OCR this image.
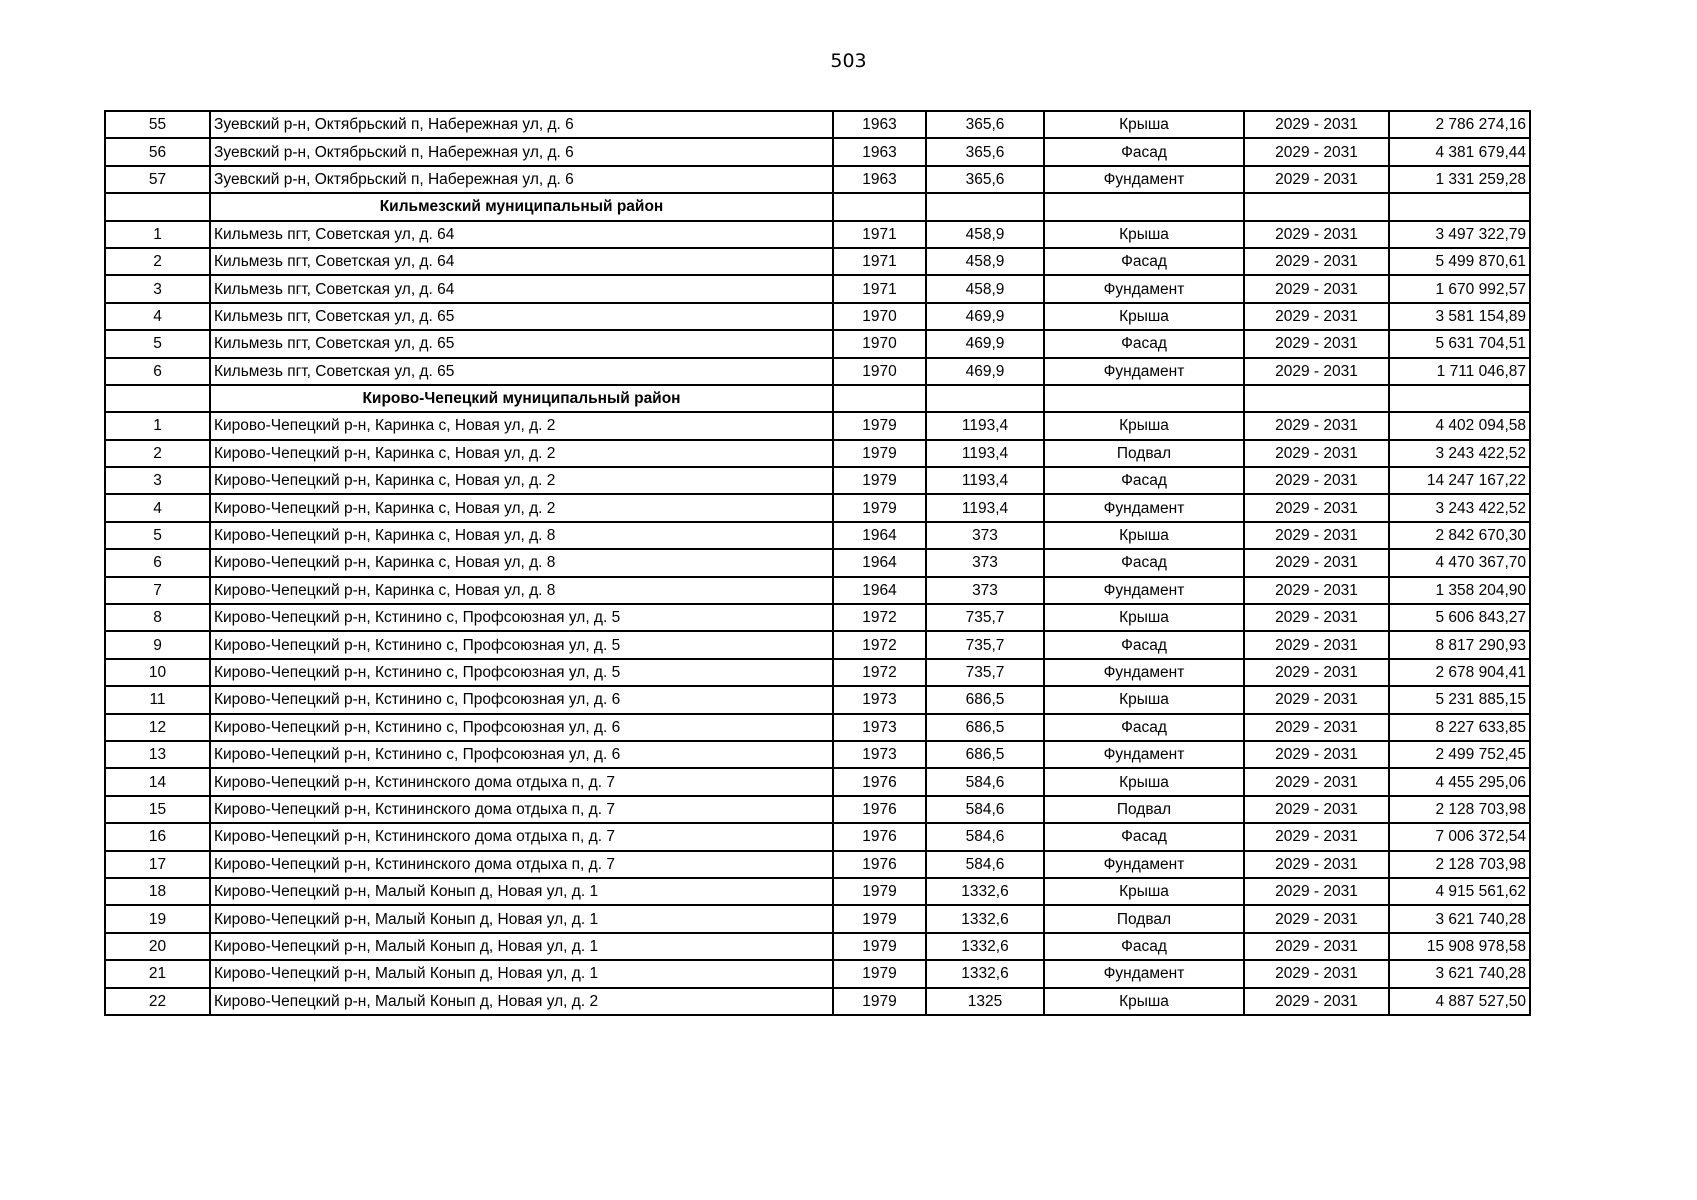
503
55	Зуевский р-н, Октябрьский п, Набережная ул, д. 6	1963	365,6	Крыша	2029 - 2031	2 786 274,16
56	Зуевский р-н, Октябрьский п, Набережная ул, д. 6	1963	365,6	Фасад	2029 - 2031	4 381 679,44
57	Зуевский р-н, Октябрьский п, Набережная ул, д. 6	1963	365,6	Фундамент	2029 - 2031	1 331 259,28
	Кильмезский муниципальный район					
1	Кильмезь пгт, Советская ул, д. 64	1971	458,9	Крыша	2029 - 2031	3 497 322,79
2	Кильмезь пгт, Советская ул, д. 64	1971	458,9	Фасад	2029 - 2031	5 499 870,61
3	Кильмезь пгт, Советская ул, д. 64	1971	458,9	Фундамент	2029 - 2031	1 670 992,57
4	Кильмезь пгт, Советская ул, д. 65	1970	469,9	Крыша	2029 - 2031	3 581 154,89
5	Кильмезь пгт, Советская ул, д. 65	1970	469,9	Фасад	2029 - 2031	5 631 704,51
6	Кильмезь пгт, Советская ул, д. 65	1970	469,9	Фундамент	2029 - 2031	1 711 046,87
	Кирово-Чепецкий муниципальный район					
1	Кирово-Чепецкий р-н, Каринка с, Новая ул, д. 2	1979	1193,4	Крыша	2029 - 2031	4 402 094,58
2	Кирово-Чепецкий р-н, Каринка с, Новая ул, д. 2	1979	1193,4	Подвал	2029 - 2031	3 243 422,52
3	Кирово-Чепецкий р-н, Каринка с, Новая ул, д. 2	1979	1193,4	Фасад	2029 - 2031	14 247 167,22
4	Кирово-Чепецкий р-н, Каринка с, Новая ул, д. 2	1979	1193,4	Фундамент	2029 - 2031	3 243 422,52
5	Кирово-Чепецкий р-н, Каринка с, Новая ул, д. 8	1964	373	Крыша	2029 - 2031	2 842 670,30
6	Кирово-Чепецкий р-н, Каринка с, Новая ул, д. 8	1964	373	Фасад	2029 - 2031	4 470 367,70
7	Кирово-Чепецкий р-н, Каринка с, Новая ул, д. 8	1964	373	Фундамент	2029 - 2031	1 358 204,90
8	Кирово-Чепецкий р-н, Кстинино с, Профсоюзная ул, д. 5	1972	735,7	Крыша	2029 - 2031	5 606 843,27
9	Кирово-Чепецкий р-н, Кстинино с, Профсоюзная ул, д. 5	1972	735,7	Фасад	2029 - 2031	8 817 290,93
10	Кирово-Чепецкий р-н, Кстинино с, Профсоюзная ул, д. 5	1972	735,7	Фундамент	2029 - 2031	2 678 904,41
11	Кирово-Чепецкий р-н, Кстинино с, Профсоюзная ул, д. 6	1973	686,5	Крыша	2029 - 2031	5 231 885,15
12	Кирово-Чепецкий р-н, Кстинино с, Профсоюзная ул, д. 6	1973	686,5	Фасад	2029 - 2031	8 227 633,85
13	Кирово-Чепецкий р-н, Кстинино с, Профсоюзная ул, д. 6	1973	686,5	Фундамент	2029 - 2031	2 499 752,45
14	Кирово-Чепецкий р-н, Кстининского дома отдыха п, д. 7	1976	584,6	Крыша	2029 - 2031	4 455 295,06
15	Кирово-Чепецкий р-н, Кстининского дома отдыха п, д. 7	1976	584,6	Подвал	2029 - 2031	2 128 703,98
16	Кирово-Чепецкий р-н, Кстининского дома отдыха п, д. 7	1976	584,6	Фасад	2029 - 2031	7 006 372,54
17	Кирово-Чепецкий р-н, Кстининского дома отдыха п, д. 7	1976	584,6	Фундамент	2029 - 2031	2 128 703,98
18	Кирово-Чепецкий р-н, Малый Конып д, Новая ул, д. 1	1979	1332,6	Крыша	2029 - 2031	4 915 561,62
19	Кирово-Чепецкий р-н, Малый Конып д, Новая ул, д. 1	1979	1332,6	Подвал	2029 - 2031	3 621 740,28
20	Кирово-Чепецкий р-н, Малый Конып д, Новая ул, д. 1	1979	1332,6	Фасад	2029 - 2031	15 908 978,58
21	Кирово-Чепецкий р-н, Малый Конып д, Новая ул, д. 1	1979	1332,6	Фундамент	2029 - 2031	3 621 740,28
22	Кирово-Чепецкий р-н, Малый Конып д, Новая ул, д. 2	1979	1325	Крыша	2029 - 2031	4 887 527,50
